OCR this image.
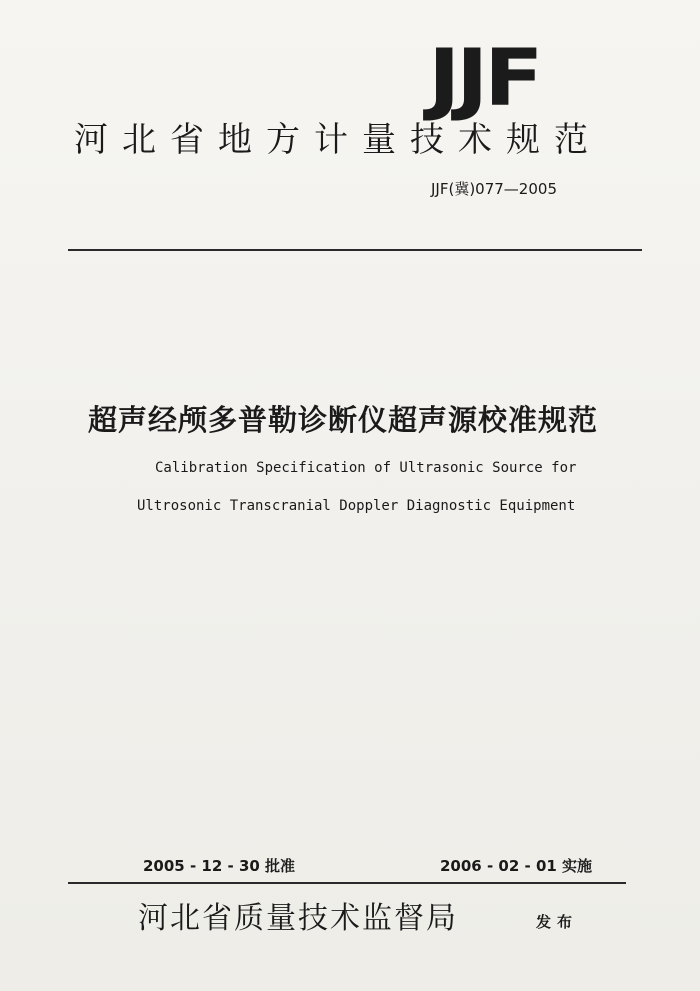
JJF
河北省地方计量技术规范
JJF(冀)077—2005
超声经颅多普勒诊断仪超声源校准规范
Calibration Specification of Ultrasonic Source for
Ultrosonic Transcranial Doppler Diagnostic Equipment
2005 - 12 - 30 批准	2006 - 02 - 01 实施
河北省质量技术监督局	发布
